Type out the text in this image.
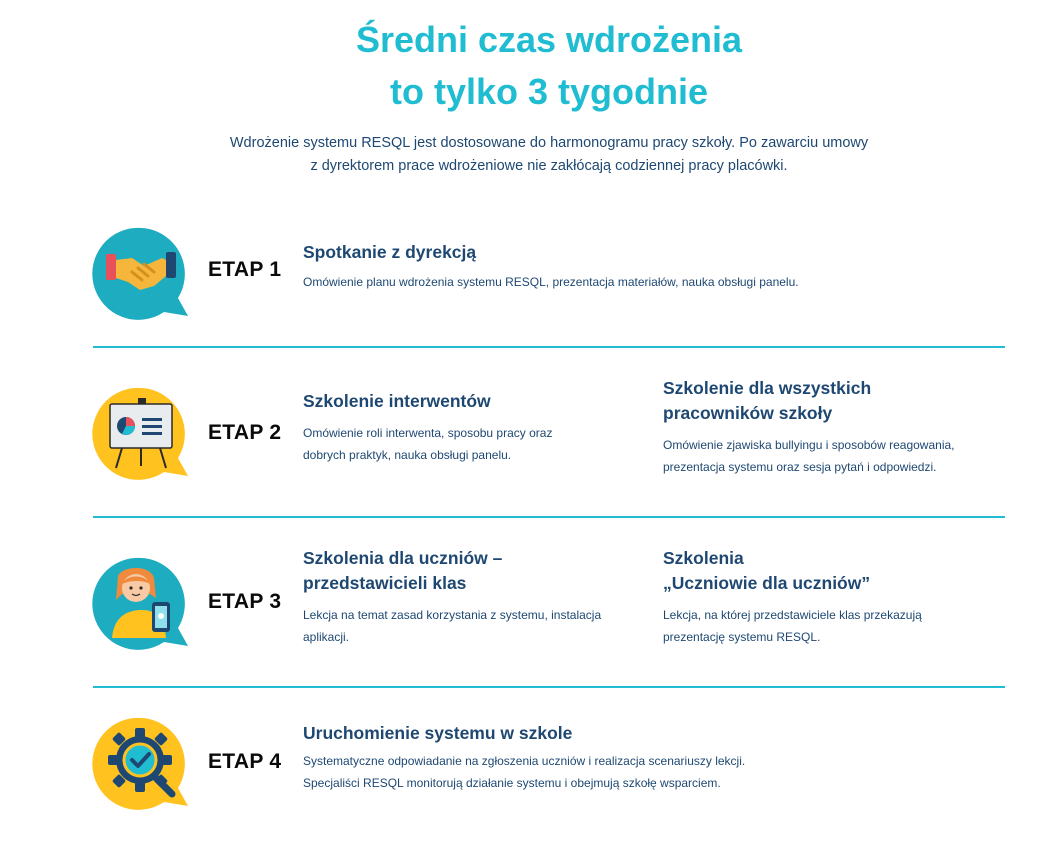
Średni czas wdrożenia
to tylko 3 tygodnie

Wdrożenie systemu RESQL jest dostosowane do harmonogramu pracy szkoły. Po zawarciu umowy
z dyrektorem prace wdrożeniowe nie zakłócają codziennej pracy placówki.

ETAP 1
Spotkanie z dyrekcją

Omówienie planu wdrożenia systemu RESQL, prezentacja materiałów, nauka obsługi panelu.

ETAP 2
Szkolenie interwentów

Omówienie roli interwenta, sposobu pracy oraz
dobrych praktyk, nauka obsługi panelu.

Szkolenie dla wszystkich
pracowników szkoły

Omówienie zjawiska bullyingu i sposobów reagowania,
prezentacja systemu oraz sesja pytań i odpowiedzi.

ETAP 3
Szkolenia dla uczniów –
przedstawicieli klas

Lekcja na temat zasad korzystania z systemu, instalacja
aplikacji.

Szkolenia
„Uczniowie dla uczniów”

Lekcja, na której przedstawiciele klas przekazują
prezentację systemu RESQL.

ETAP 4
Uruchomienie systemu w szkole

Systematyczne odpowiadanie na zgłoszenia uczniów i realizacja scenariuszy lekcji.
Specjaliści RESQL monitorują działanie systemu i obejmują szkołę wsparciem.
